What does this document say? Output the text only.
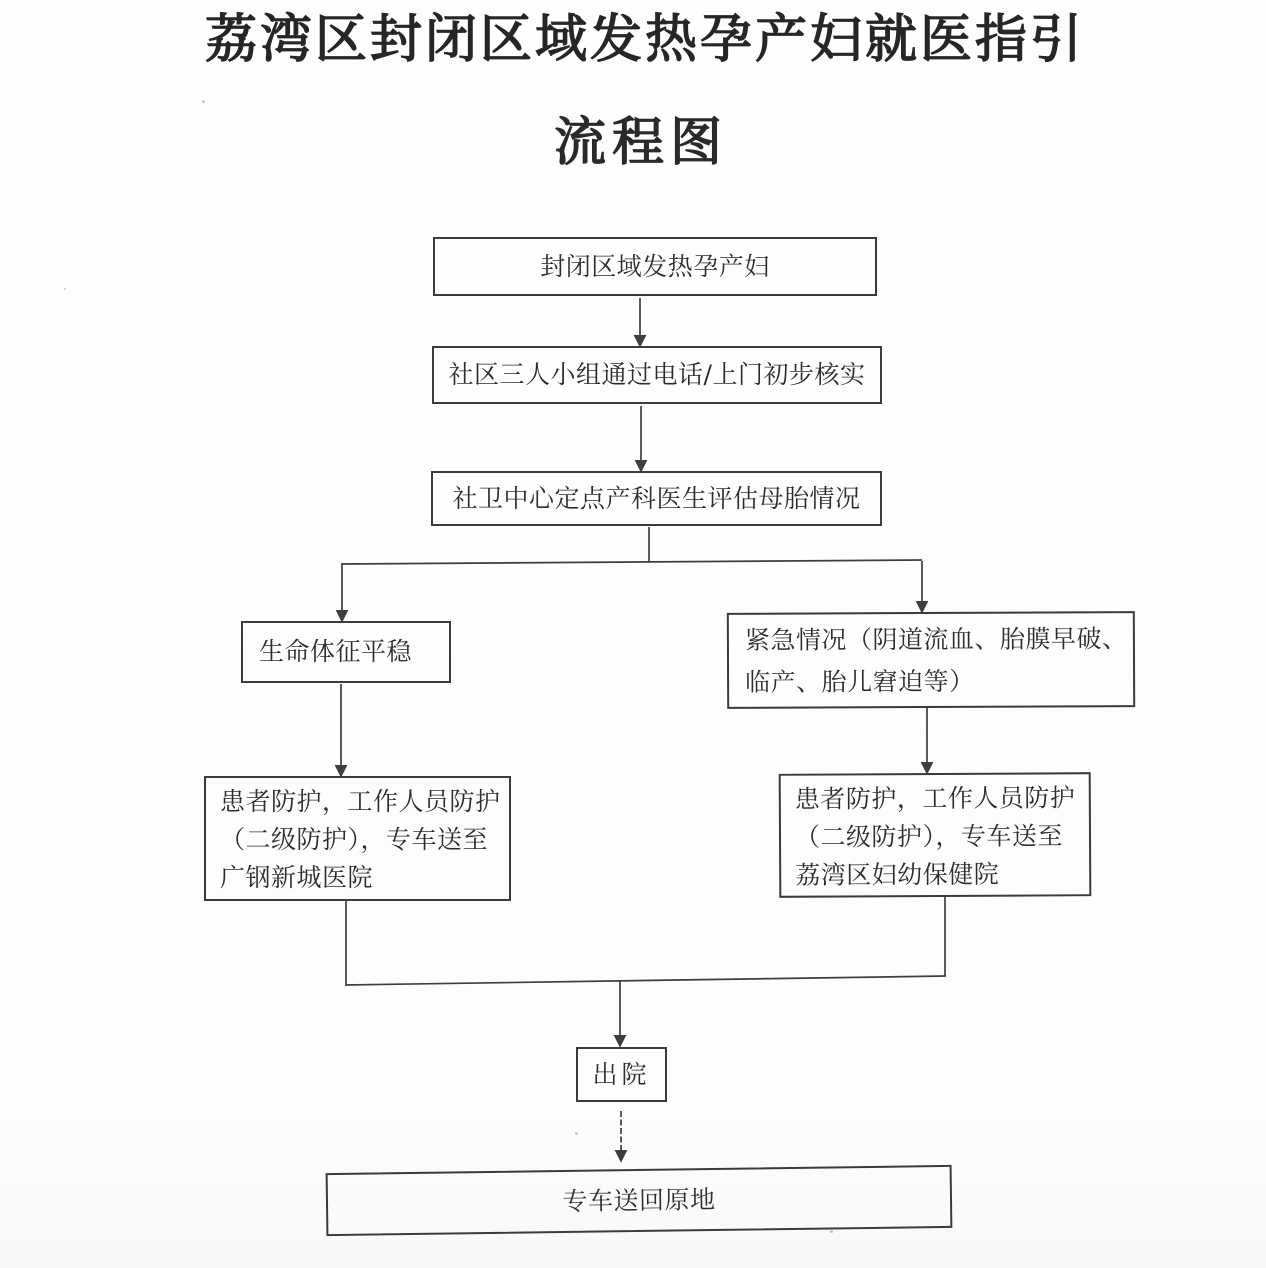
荔湾区封闭区域发热孕产妇就医指引
流程图
封闭区域发热孕产妇
社区三人小组通过电话/上门初步核实
社卫中心定点产科医生评估母胎情况
生命体征平稳	紧急情况（阴道流血、胎膜早破、
临产、胎儿窘迫等）
患者防护，工作人员防护
（二级防护），专车送至
广钢新城医院
患者防护，工作人员防护
（二级防护），专车送至
荔湾区妇幼保健院
出院
专车送回原地
